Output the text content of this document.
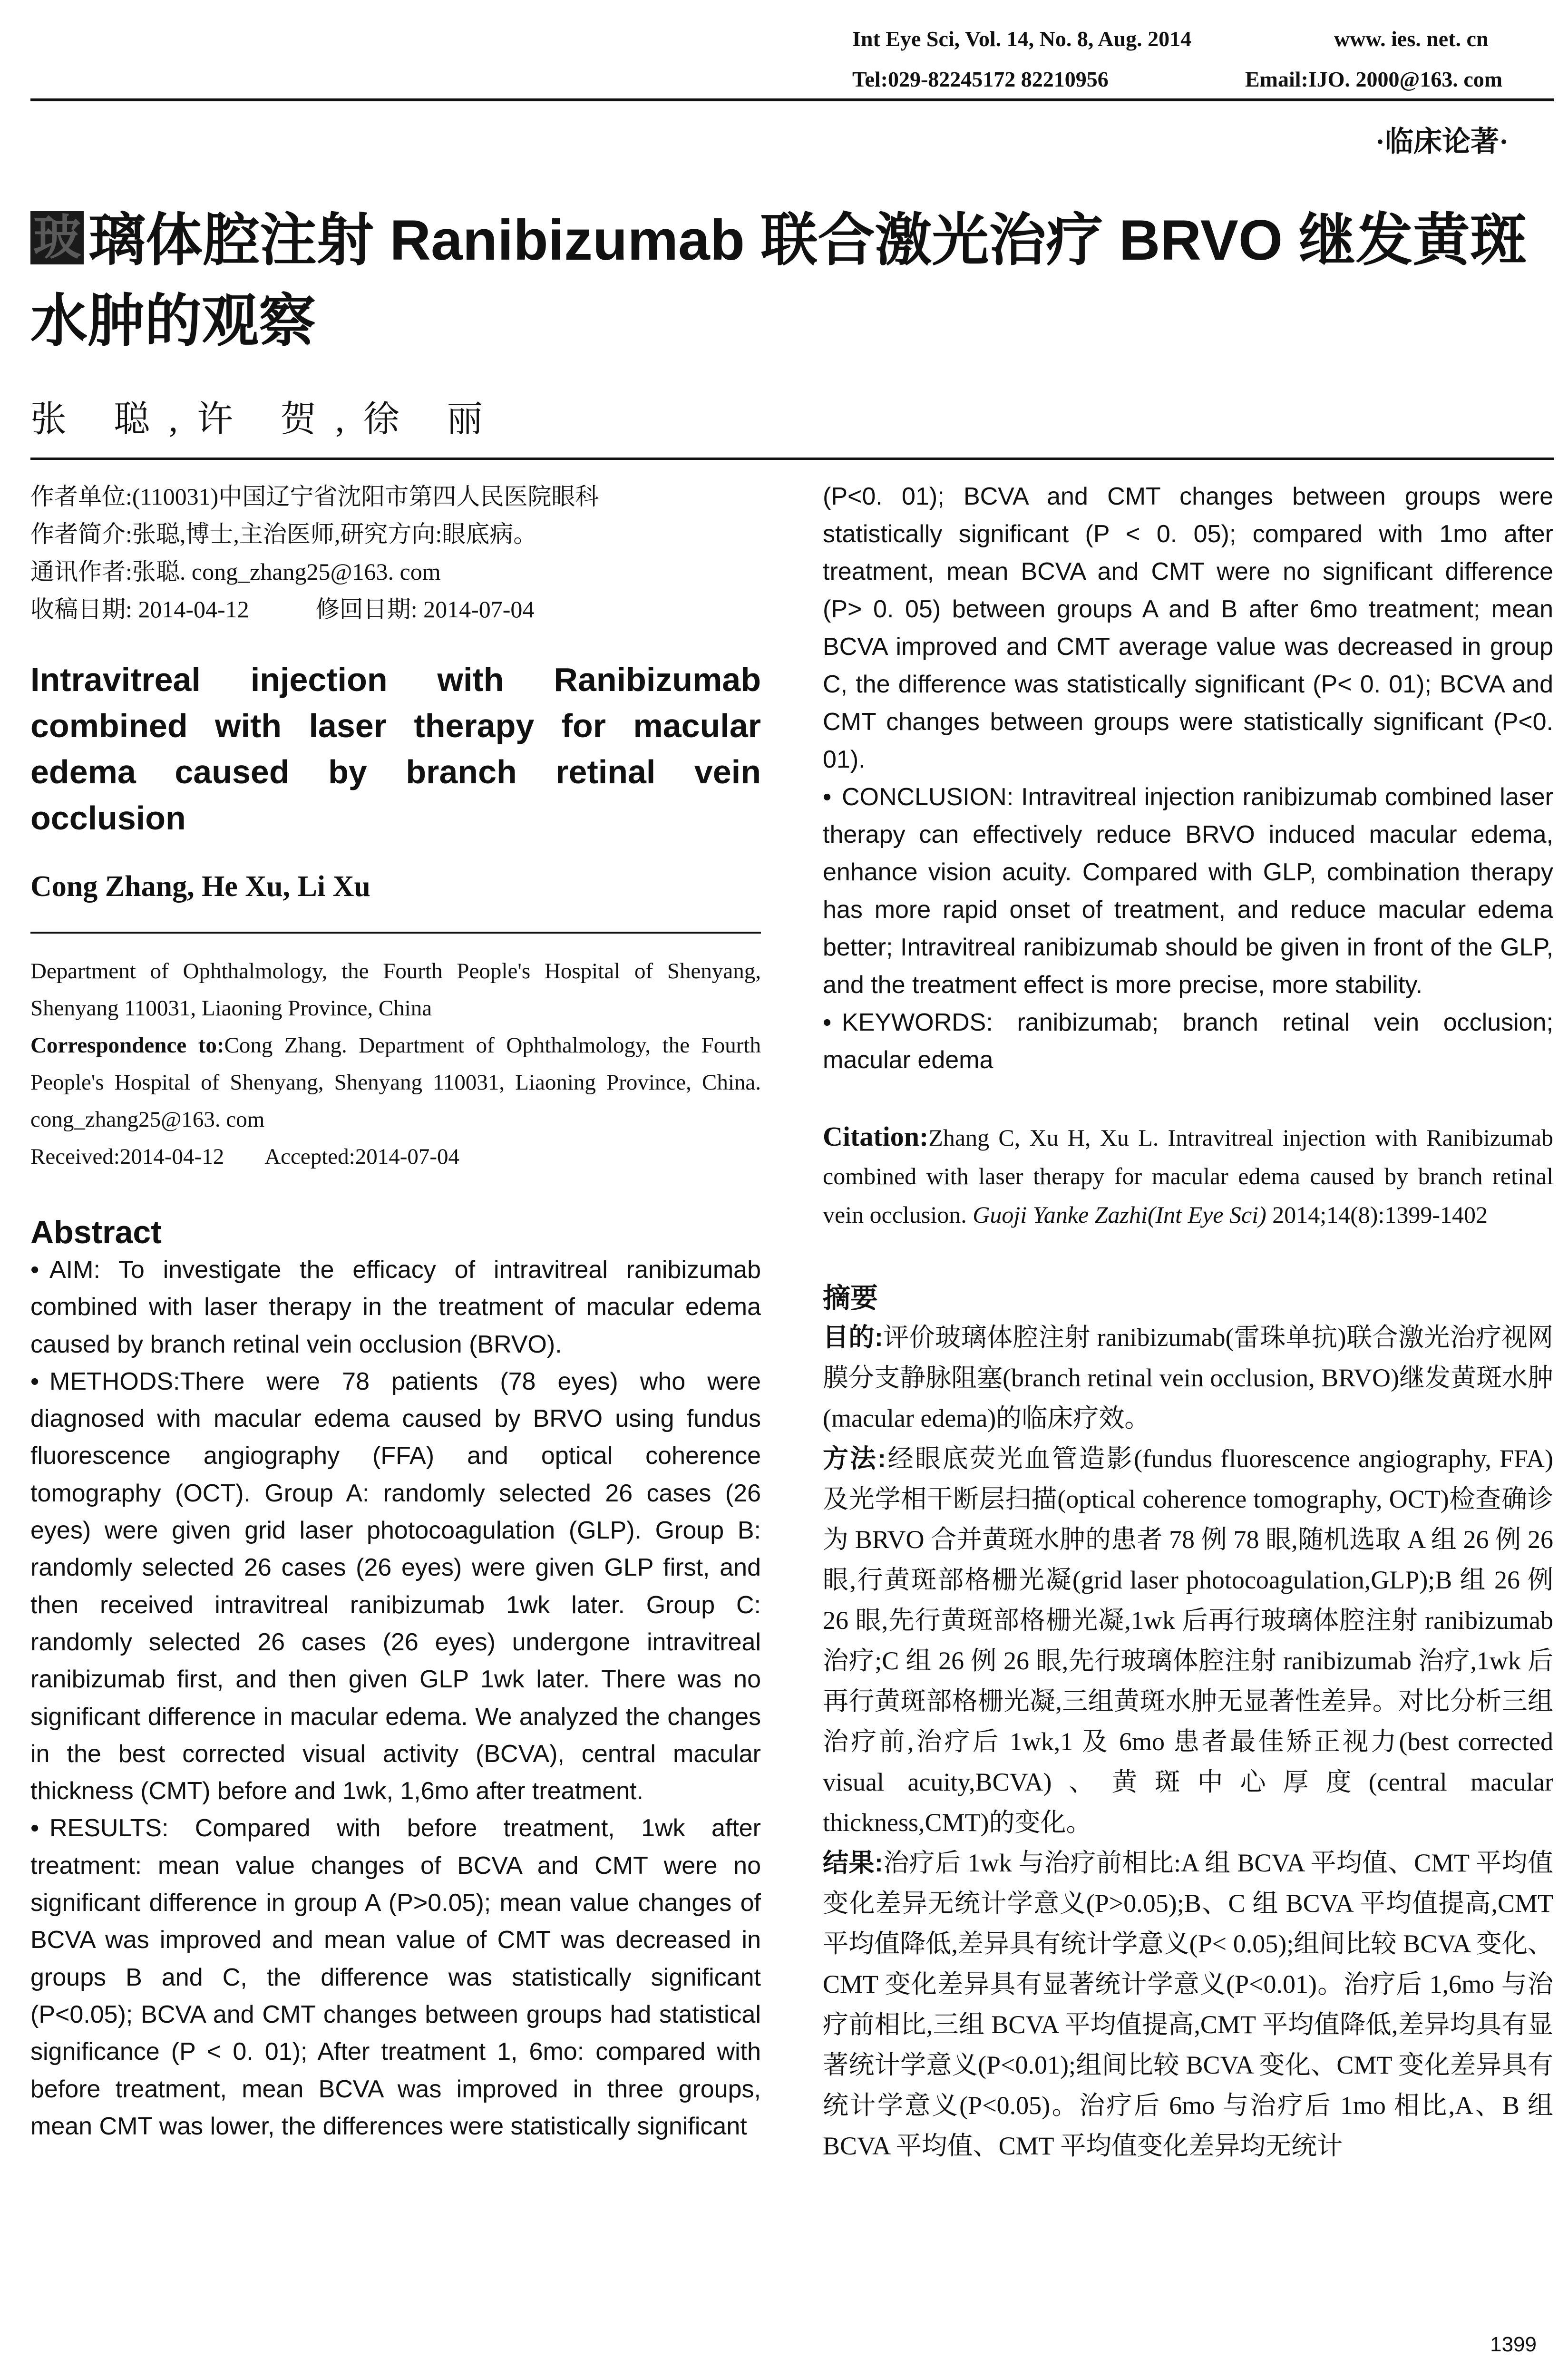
Int Eye Sci, Vol. 14, No. 8, Aug. 2014	www. ies. net. cn
Tel:029-82245172 82210956	Email:IJO. 2000@163. com
·临床论著·
玻 璃体腔注射 Ranibizumab 联合激光治疗 BRVO 继发黄斑水肿的观察
张 聪,许 贺,徐 丽
作者单位:(110031)中国辽宁省沈阳市第四人民医院眼科
作者简介:张聪,博士,主治医师,研究方向:眼底病。
通讯作者:张聪. cong_zhang25@163. com
收稿日期: 2014-04-12	修回日期: 2014-07-04
Intravitreal injection with Ranibizumab combined with laser therapy for macular edema caused by branch retinal vein occlusion
Cong Zhang, He Xu, Li Xu
Department of Ophthalmology, the Fourth People's Hospital of Shenyang, Shenyang 110031, Liaoning Province, China
Correspondence to:Cong Zhang. Department of Ophthalmology, the Fourth People's Hospital of Shenyang, Shenyang 110031, Liaoning Province, China. cong_zhang25@163. com
Received:2014-04-12 Accepted:2014-07-04
Abstract

• AIM: To investigate the efficacy of intravitreal ranibizumab combined with laser therapy in the treatment of macular edema caused by branch retinal vein occlusion (BRVO).

• METHODS:There were 78 patients (78 eyes) who were diagnosed with macular edema caused by BRVO using fundus fluorescence angiography (FFA) and optical coherence tomography (OCT). Group A: randomly selected 26 cases (26 eyes) were given grid laser photocoagulation (GLP). Group B: randomly selected 26 cases (26 eyes) were given GLP first, and then received intravitreal ranibizumab 1wk later. Group C: randomly selected 26 cases (26 eyes) undergone intravitreal ranibizumab first, and then given GLP 1wk later. There was no significant difference in macular edema. We analyzed the changes in the best corrected visual activity (BCVA), central macular thickness (CMT) before and 1wk, 1,6mo after treatment.

• RESULTS: Compared with before treatment, 1wk after treatment: mean value changes of BCVA and CMT were no significant difference in group A (P>0.05); mean value changes of BCVA was improved and mean value of CMT was decreased in groups B and C, the difference was statistically significant (P<0.05); BCVA and CMT changes between groups had statistical significance (P < 0. 01); After treatment 1, 6mo: compared with before treatment, mean BCVA was improved in three groups, mean CMT was lower, the differences were statistically significant

(P<0. 01); BCVA and CMT changes between groups were statistically significant (P < 0. 05); compared with 1mo after treatment, mean BCVA and CMT were no significant difference (P> 0. 05) between groups A and B after 6mo treatment; mean BCVA improved and CMT average value was decreased in group C, the difference was statistically significant (P< 0. 01); BCVA and CMT changes between groups were statistically significant (P<0. 01).

• CONCLUSION: Intravitreal injection ranibizumab combined laser therapy can effectively reduce BRVO induced macular edema, enhance vision acuity. Compared with GLP, combination therapy has more rapid onset of treatment, and reduce macular edema better; Intravitreal ranibizumab should be given in front of the GLP, and the treatment effect is more precise, more stability.

• KEYWORDS: ranibizumab; branch retinal vein occlusion; macular edema

Citation:Zhang C, Xu H, Xu L. Intravitreal injection with Ranibizumab combined with laser therapy for macular edema caused by branch retinal vein occlusion. Guoji Yanke Zazhi(Int Eye Sci) 2014;14(8):1399-1402
摘要

目的:评价玻璃体腔注射 ranibizumab(雷珠单抗)联合激光治疗视网膜分支静脉阻塞(branch retinal vein occlusion, BRVO)继发黄斑水肿(macular edema)的临床疗效。

方法:经眼底荧光血管造影(fundus fluorescence angiography, FFA)及光学相干断层扫描(optical coherence tomography, OCT)检查确诊为 BRVO 合并黄斑水肿的患者 78 例 78 眼,随机选取 A 组 26 例 26 眼,行黄斑部格栅光凝(grid laser photocoagulation,GLP);B 组 26 例 26 眼,先行黄斑部格栅光凝,1wk 后再行玻璃体腔注射 ranibizumab 治疗;C 组 26 例 26 眼,先行玻璃体腔注射 ranibizumab 治疗,1wk 后再行黄斑部格栅光凝,三组黄斑水肿无显著性差异。对比分析三组治疗前,治疗后 1wk,1 及 6mo 患者最佳矫正视力(best corrected visual acuity,BCVA)、黄斑中心厚度(central macular thickness,CMT)的变化。

结果:治疗后 1wk 与治疗前相比:A 组 BCVA 平均值、CMT 平均值变化差异无统计学意义(P>0.05);B、C 组 BCVA 平均值提高,CMT 平均值降低,差异具有统计学意义(P< 0.05);组间比较 BCVA 变化、CMT 变化差异具有显著统计学意义(P<0.01)。治疗后 1,6mo 与治疗前相比,三组 BCVA 平均值提高,CMT 平均值降低,差异均具有显著统计学意义(P<0.01);组间比较 BCVA 变化、CMT 变化差异具有统计学意义(P<0.05)。治疗后 6mo 与治疗后 1mo 相比,A、B 组 BCVA 平均值、CMT 平均值变化差异均无统计

1399
